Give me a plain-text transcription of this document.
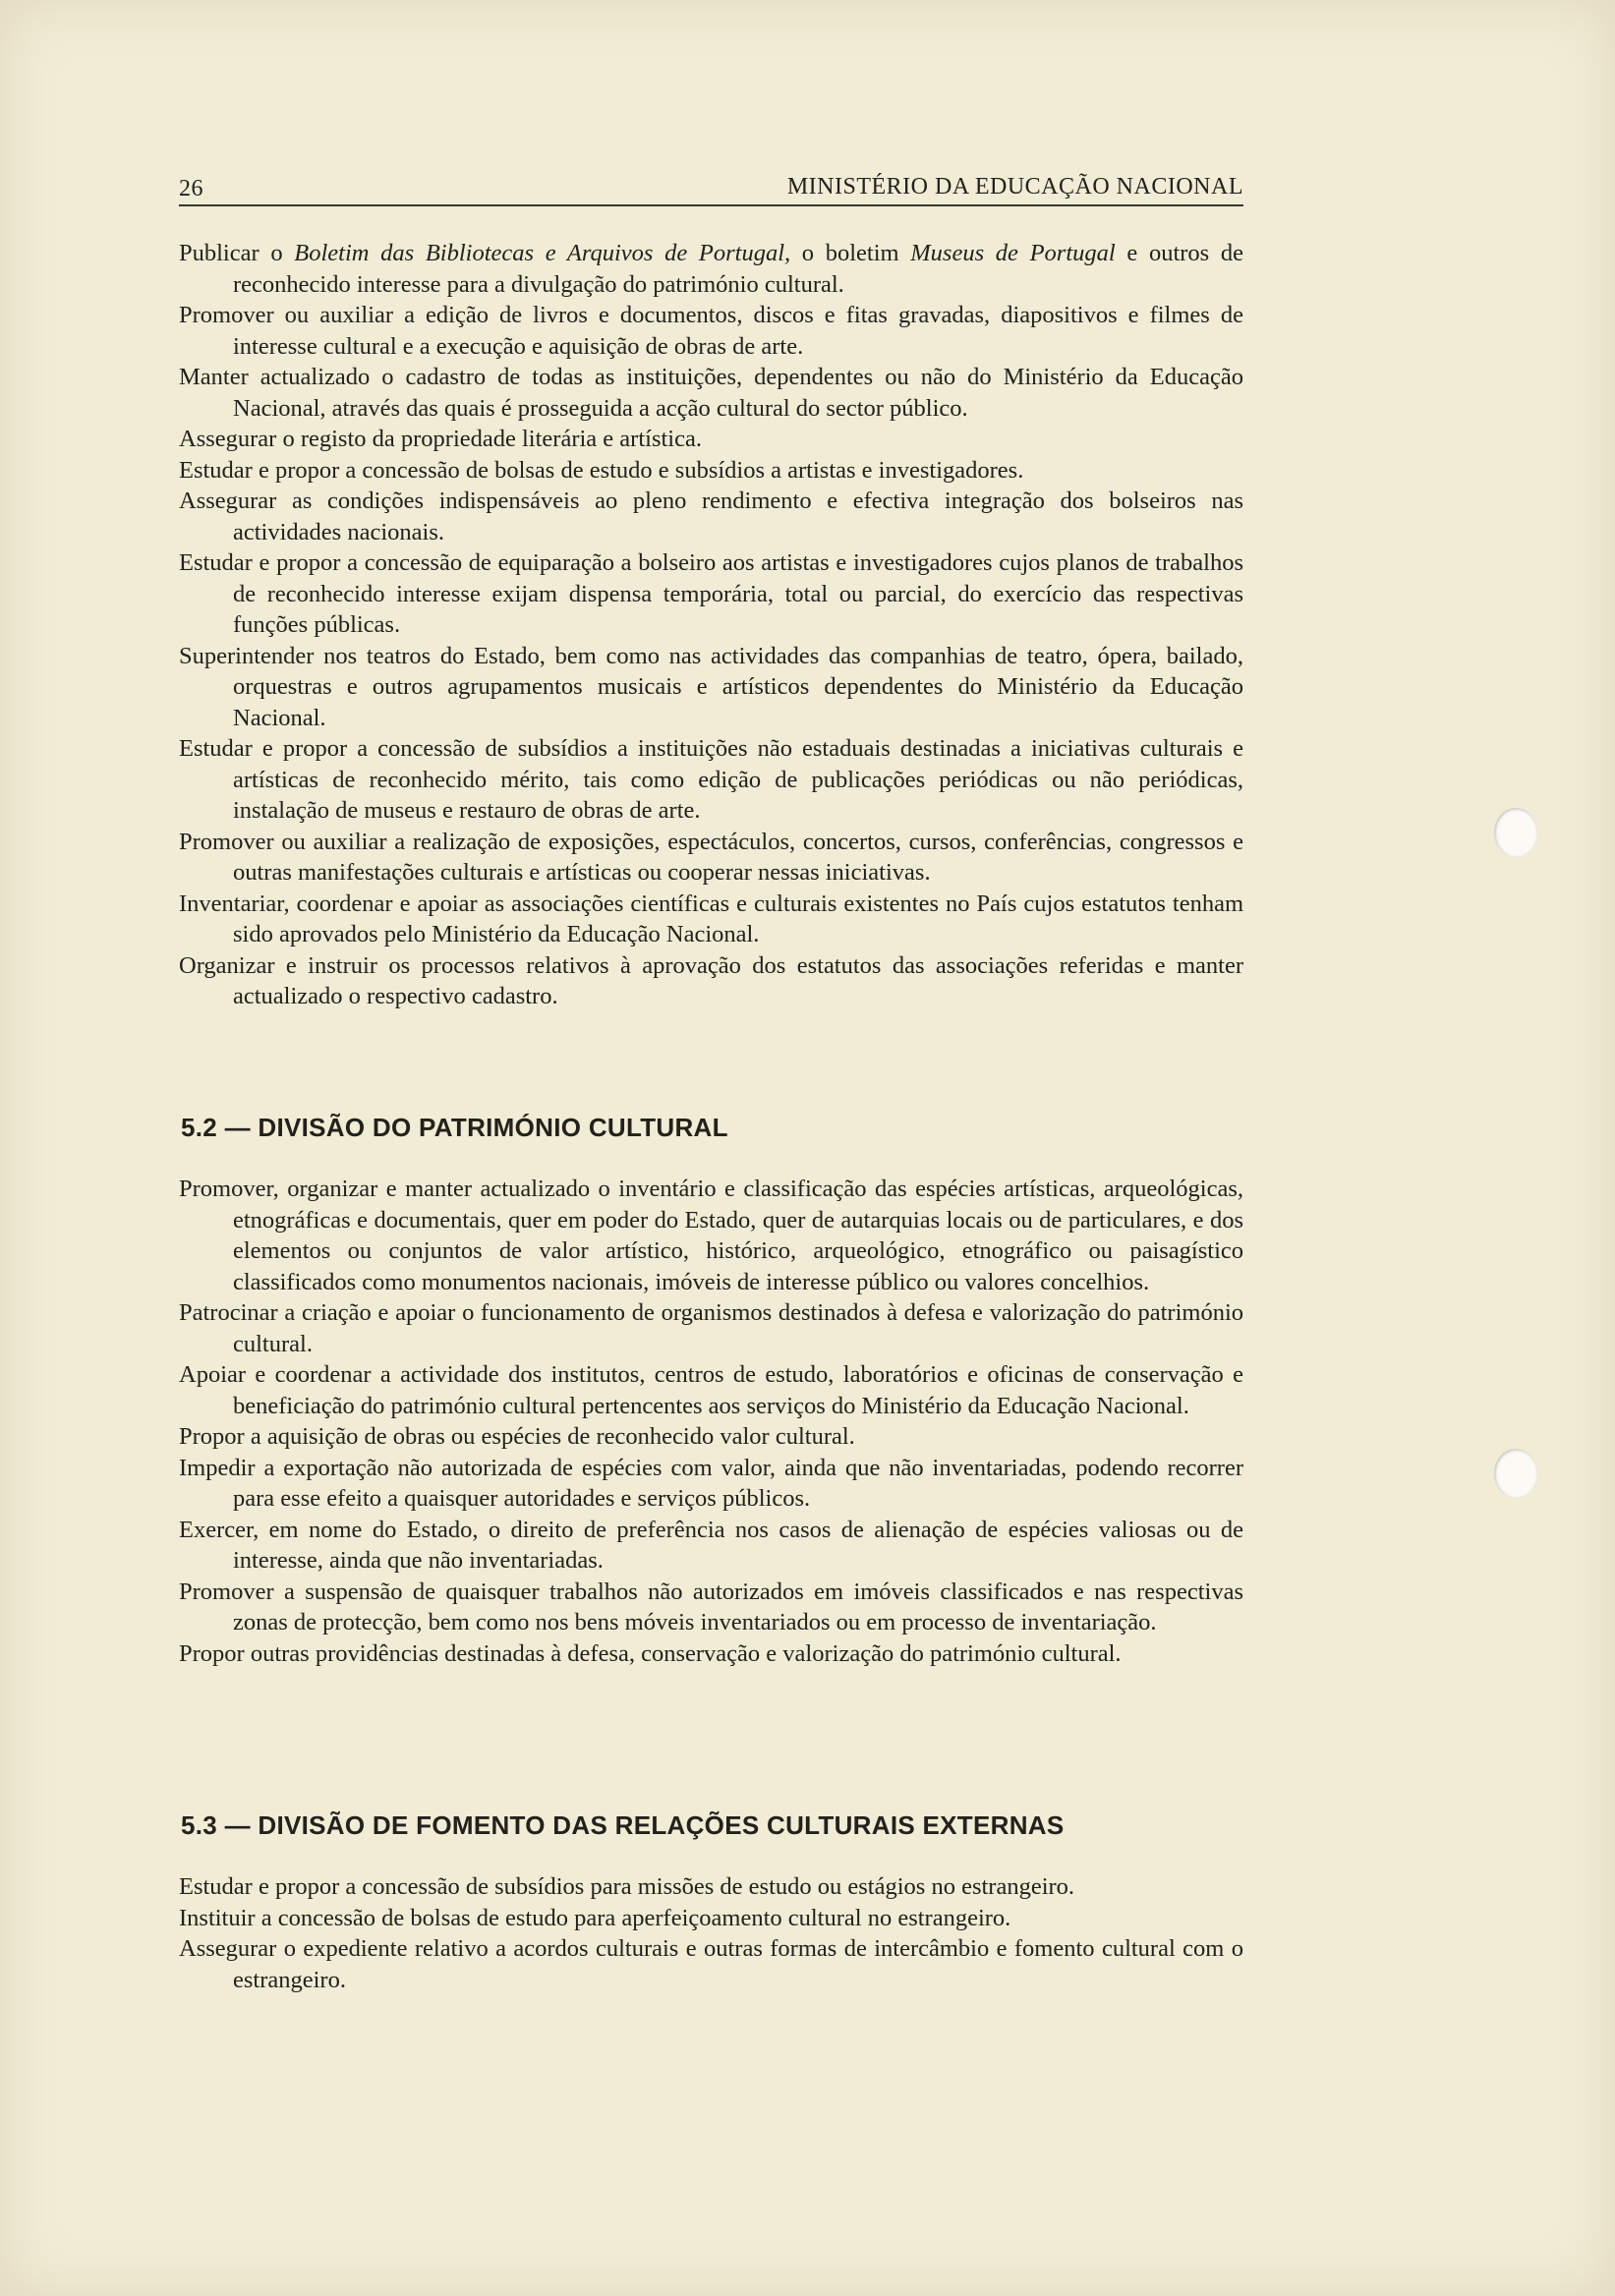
26	MINISTÉRIO DA EDUCAÇÃO NACIONAL
Publicar o Boletim das Bibliotecas e Arquivos de Portugal, o boletim Museus de Portugal e outros de reconhecido interesse para a divulgação do património cultural.
Promover ou auxiliar a edição de livros e documentos, discos e fitas gravadas, diapositivos e filmes de interesse cultural e a execução e aquisição de obras de arte.
Manter actualizado o cadastro de todas as instituições, dependentes ou não do Ministério da Educação Nacional, através das quais é prosseguida a acção cultural do sector público.
Assegurar o registo da propriedade literária e artística.
Estudar e propor a concessão de bolsas de estudo e subsídios a artistas e investigadores.
Assegurar as condições indispensáveis ao pleno rendimento e efectiva integração dos bolseiros nas actividades nacionais.
Estudar e propor a concessão de equiparação a bolseiro aos artistas e investigadores cujos planos de trabalhos de reconhecido interesse exijam dispensa temporária, total ou parcial, do exercício das respectivas funções públicas.
Superintender nos teatros do Estado, bem como nas actividades das companhias de teatro, ópera, bailado, orquestras e outros agrupamentos musicais e artísticos dependentes do Ministério da Educação Nacional.
Estudar e propor a concessão de subsídios a instituições não estaduais destinadas a iniciativas culturais e artísticas de reconhecido mérito, tais como edição de publicações periódicas ou não periódicas, instalação de museus e restauro de obras de arte.
Promover ou auxiliar a realização de exposições, espectáculos, concertos, cursos, conferências, congressos e outras manifestações culturais e artísticas ou cooperar nessas iniciativas.
Inventariar, coordenar e apoiar as associações científicas e culturais existentes no País cujos estatutos tenham sido aprovados pelo Ministério da Educação Nacional.
Organizar e instruir os processos relativos à aprovação dos estatutos das associações referidas e manter actualizado o respectivo cadastro.
5.2 — DIVISÃO DO PATRIMÓNIO CULTURAL
Promover, organizar e manter actualizado o inventário e classificação das espécies artísticas, arqueológicas, etnográficas e documentais, quer em poder do Estado, quer de autarquias locais ou de particulares, e dos elementos ou conjuntos de valor artístico, histórico, arqueológico, etnográfico ou paisagístico classificados como monumentos nacionais, imóveis de interesse público ou valores concelhios.
Patrocinar a criação e apoiar o funcionamento de organismos destinados à defesa e valorização do património cultural.
Apoiar e coordenar a actividade dos institutos, centros de estudo, laboratórios e oficinas de conservação e beneficiação do património cultural pertencentes aos serviços do Ministério da Educação Nacional.
Propor a aquisição de obras ou espécies de reconhecido valor cultural.
Impedir a exportação não autorizada de espécies com valor, ainda que não inventariadas, podendo recorrer para esse efeito a quaisquer autoridades e serviços públicos.
Exercer, em nome do Estado, o direito de preferência nos casos de alienação de espécies valiosas ou de interesse, ainda que não inventariadas.
Promover a suspensão de quaisquer trabalhos não autorizados em imóveis classificados e nas respectivas zonas de protecção, bem como nos bens móveis inventariados ou em processo de inventariação.
Propor outras providências destinadas à defesa, conservação e valorização do património cultural.
5.3 — DIVISÃO DE FOMENTO DAS RELAÇÕES CULTURAIS EXTERNAS
Estudar e propor a concessão de subsídios para missões de estudo ou estágios no estrangeiro.
Instituir a concessão de bolsas de estudo para aperfeiçoamento cultural no estrangeiro.
Assegurar o expediente relativo a acordos culturais e outras formas de intercâmbio e fomento cultural com o estrangeiro.
